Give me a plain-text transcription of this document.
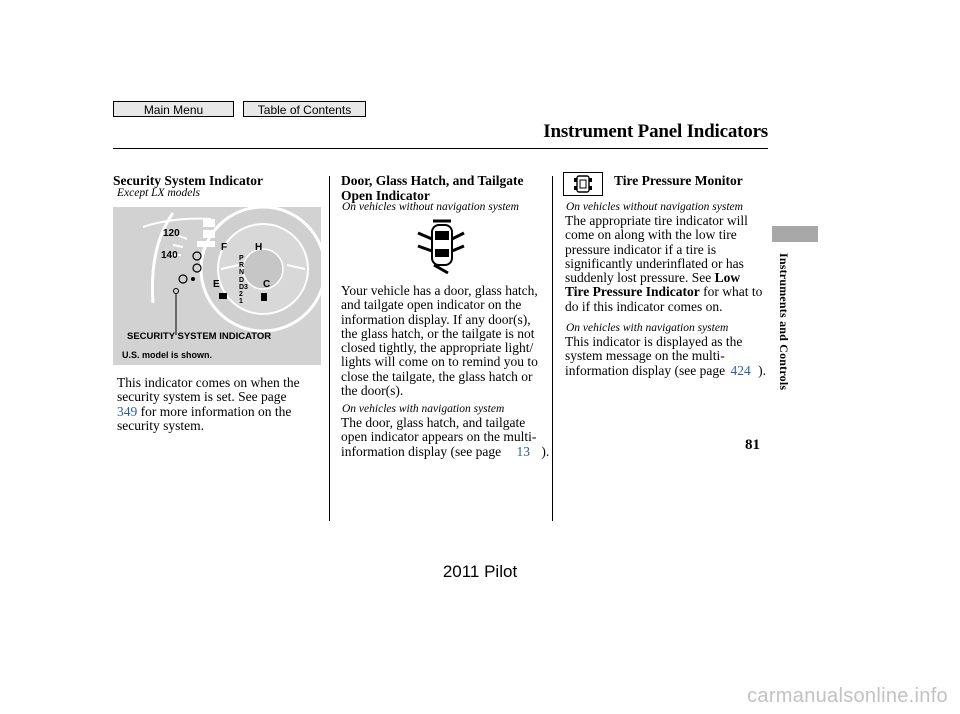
Main Menu	Table of Contents
Instrument Panel Indicators
Security System Indicator
Except LX models
120
140
F
E
H
C
P
R
N
D
D3
2
1
SECURITY SYSTEM INDICATOR
U.S. model is shown.
This indicator comes on when the
security system is set. See page
349 for more information on the
security system.
Door, Glass Hatch, and Tailgate
Open Indicator
On vehicles without navigation system
Your vehicle has a door, glass hatch,
and tailgate open indicator on the
information display. If any door(s),
the glass hatch, or the tailgate is not
closed tightly, the appropriate light/
lights will come on to remind you to
close the tailgate, the glass hatch or
the door(s).
On vehicles with navigation system
The door, glass hatch, and tailgate
open indicator appears on the multi-
information display (see page 13 ).
Tire Pressure Monitor
On vehicles without navigation system
The appropriate tire indicator will
come on along with the low tire
pressure indicator if a tire is
significantly underinflated or has
suddenly lost pressure. See Low
Tire Pressure Indicator for what to
do if this indicator comes on.
On vehicles with navigation system
This indicator is displayed as the
system message on the multi-
information display (see page 424 ). Instruments and Controls
81
2011 Pilot
carmanualsonline.info
